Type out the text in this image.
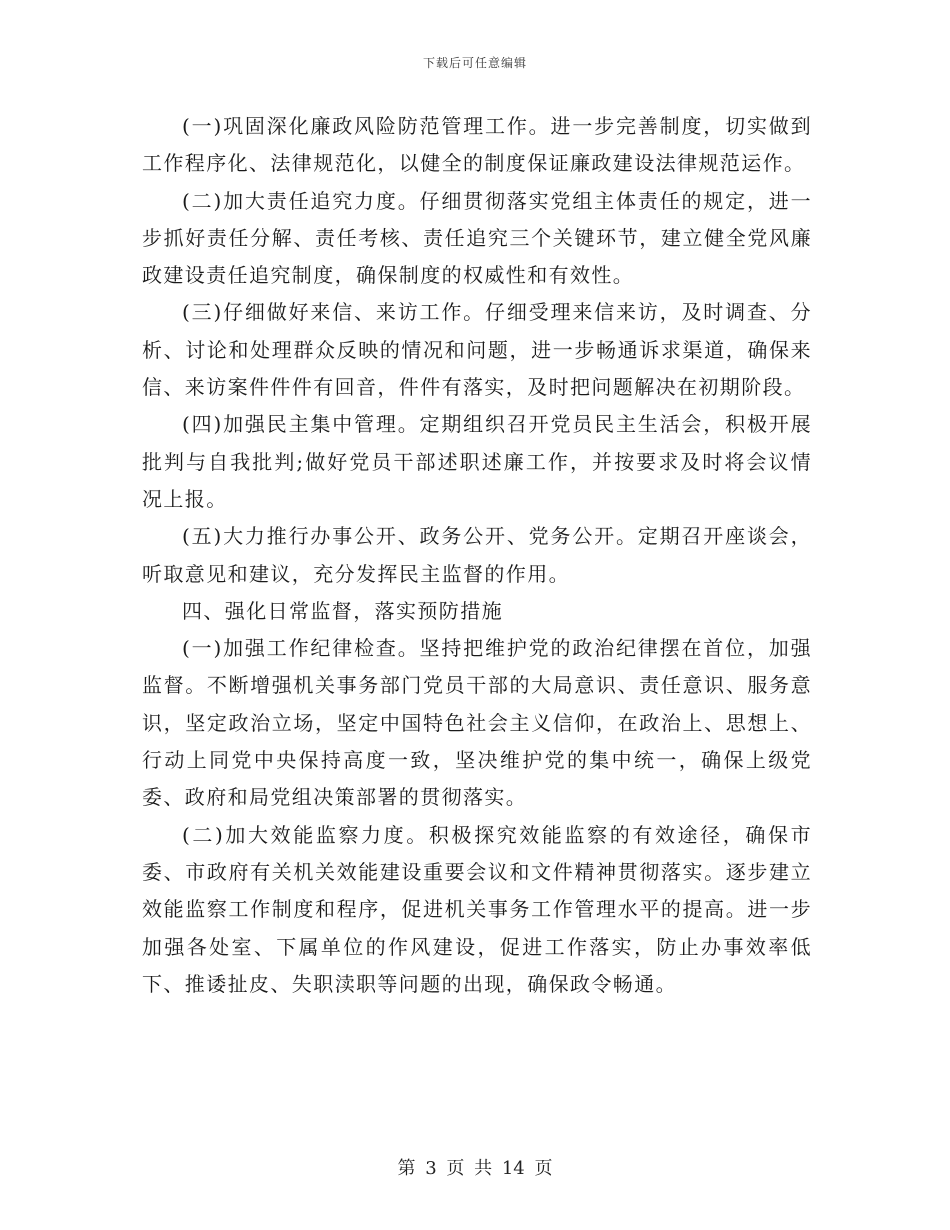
下载后可任意编辑

(一)巩固深化廉政风险防范管理工作。进一步完善制度，切实做到工作程序化、法律规范化，以健全的制度保证廉政建设法律规范运作。

(二)加大责任追究力度。仔细贯彻落实党组主体责任的规定，进一步抓好责任分解、责任考核、责任追究三个关键环节，建立健全党风廉政建设责任追究制度，确保制度的权威性和有效性。

(三)仔细做好来信、来访工作。仔细受理来信来访，及时调查、分析、讨论和处理群众反映的情况和问题，进一步畅通诉求渠道，确保来信、来访案件件件有回音，件件有落实，及时把问题解决在初期阶段。

(四)加强民主集中管理。定期组织召开党员民主生活会，积极开展批判与自我批判;做好党员干部述职述廉工作，并按要求及时将会议情况上报。

(五)大力推行办事公开、政务公开、党务公开。定期召开座谈会，听取意见和建议，充分发挥民主监督的作用。

四、强化日常监督，落实预防措施

(一)加强工作纪律检查。坚持把维护党的政治纪律摆在首位，加强监督。不断增强机关事务部门党员干部的大局意识、责任意识、服务意识，坚定政治立场，坚定中国特色社会主义信仰，在政治上、思想上、行动上同党中央保持高度一致，坚决维护党的集中统一，确保上级党委、政府和局党组决策部署的贯彻落实。

(二)加大效能监察力度。积极探究效能监察的有效途径，确保市委、市政府有关机关效能建设重要会议和文件精神贯彻落实。逐步建立效能监察工作制度和程序，促进机关事务工作管理水平的提高。进一步加强各处室、下属单位的作风建设，促进工作落实，防止办事效率低下、推诿扯皮、失职渎职等问题的出现，确保政令畅通。

第 3 页 共 14 页
